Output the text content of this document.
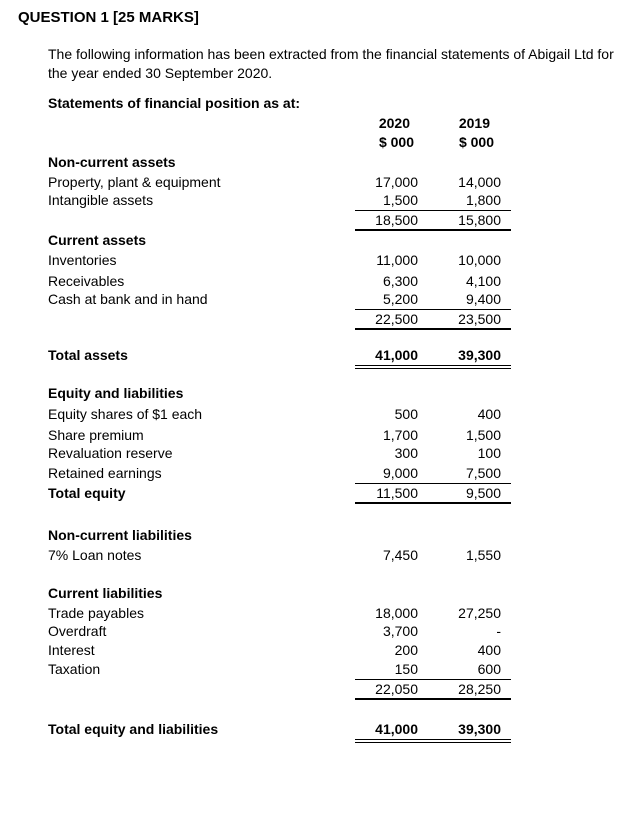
QUESTION 1 [25 MARKS]
The following information has been extracted from the financial statements of Abigail Ltd for the year ended 30 September 2020.
Statements of financial position as at:
2020	2019
$ 000	$ 000
Non-current assets
Property, plant & equipment	17,000	14,000
Intangible assets	1,500	1,800
18,500	15,800
Current assets
Inventories	11,000	10,000
Receivables	6,300	4,100
Cash at bank and in hand	5,200	9,400
22,500	23,500
Total assets	41,000	39,300
Equity and liabilities
Equity shares of $1 each	500	400
Share premium	1,700	1,500
Revaluation reserve	300	100
Retained earnings	9,000	7,500
Total equity	11,500	9,500
Non-current liabilities
7% Loan notes	7,450	1,550
Current liabilities
Trade payables	18,000	27,250
Overdraft	3,700	-
Interest	200	400
Taxation	150	600
22,050	28,250
Total equity and liabilities	41,000	39,300
